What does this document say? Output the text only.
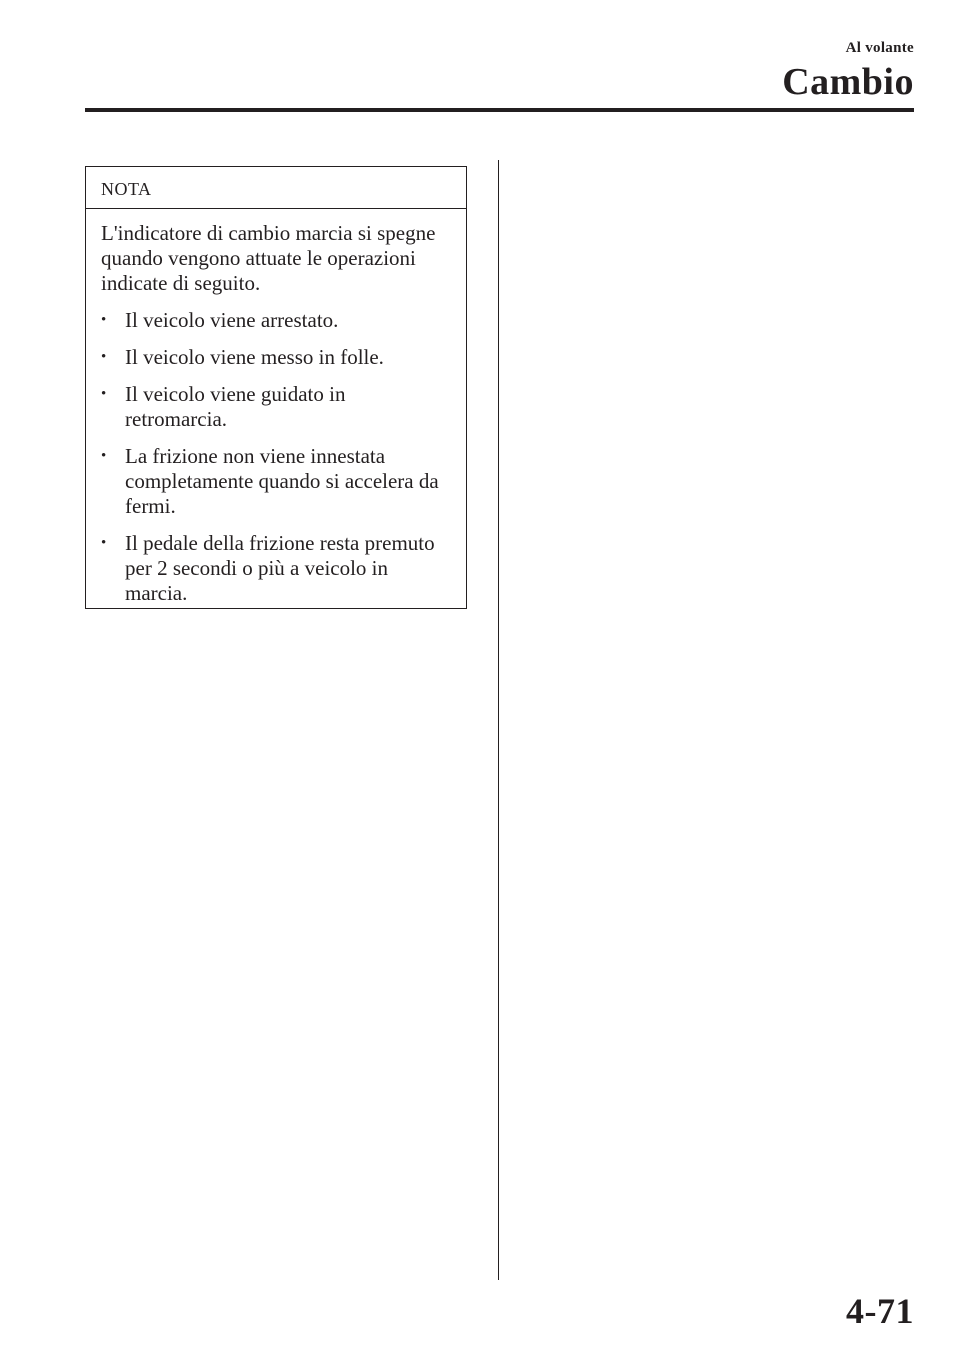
Al volante
Cambio
NOTA

L'indicatore di cambio marcia si spegne quando vengono attuate le operazioni indicate di seguito.

• Il veicolo viene arrestato.
• Il veicolo viene messo in folle.
• Il veicolo viene guidato in retromarcia.
• La frizione non viene innestata completamente quando si accelera da fermi.
• Il pedale della frizione resta premuto per 2 secondi o più a veicolo in marcia.
4-71
